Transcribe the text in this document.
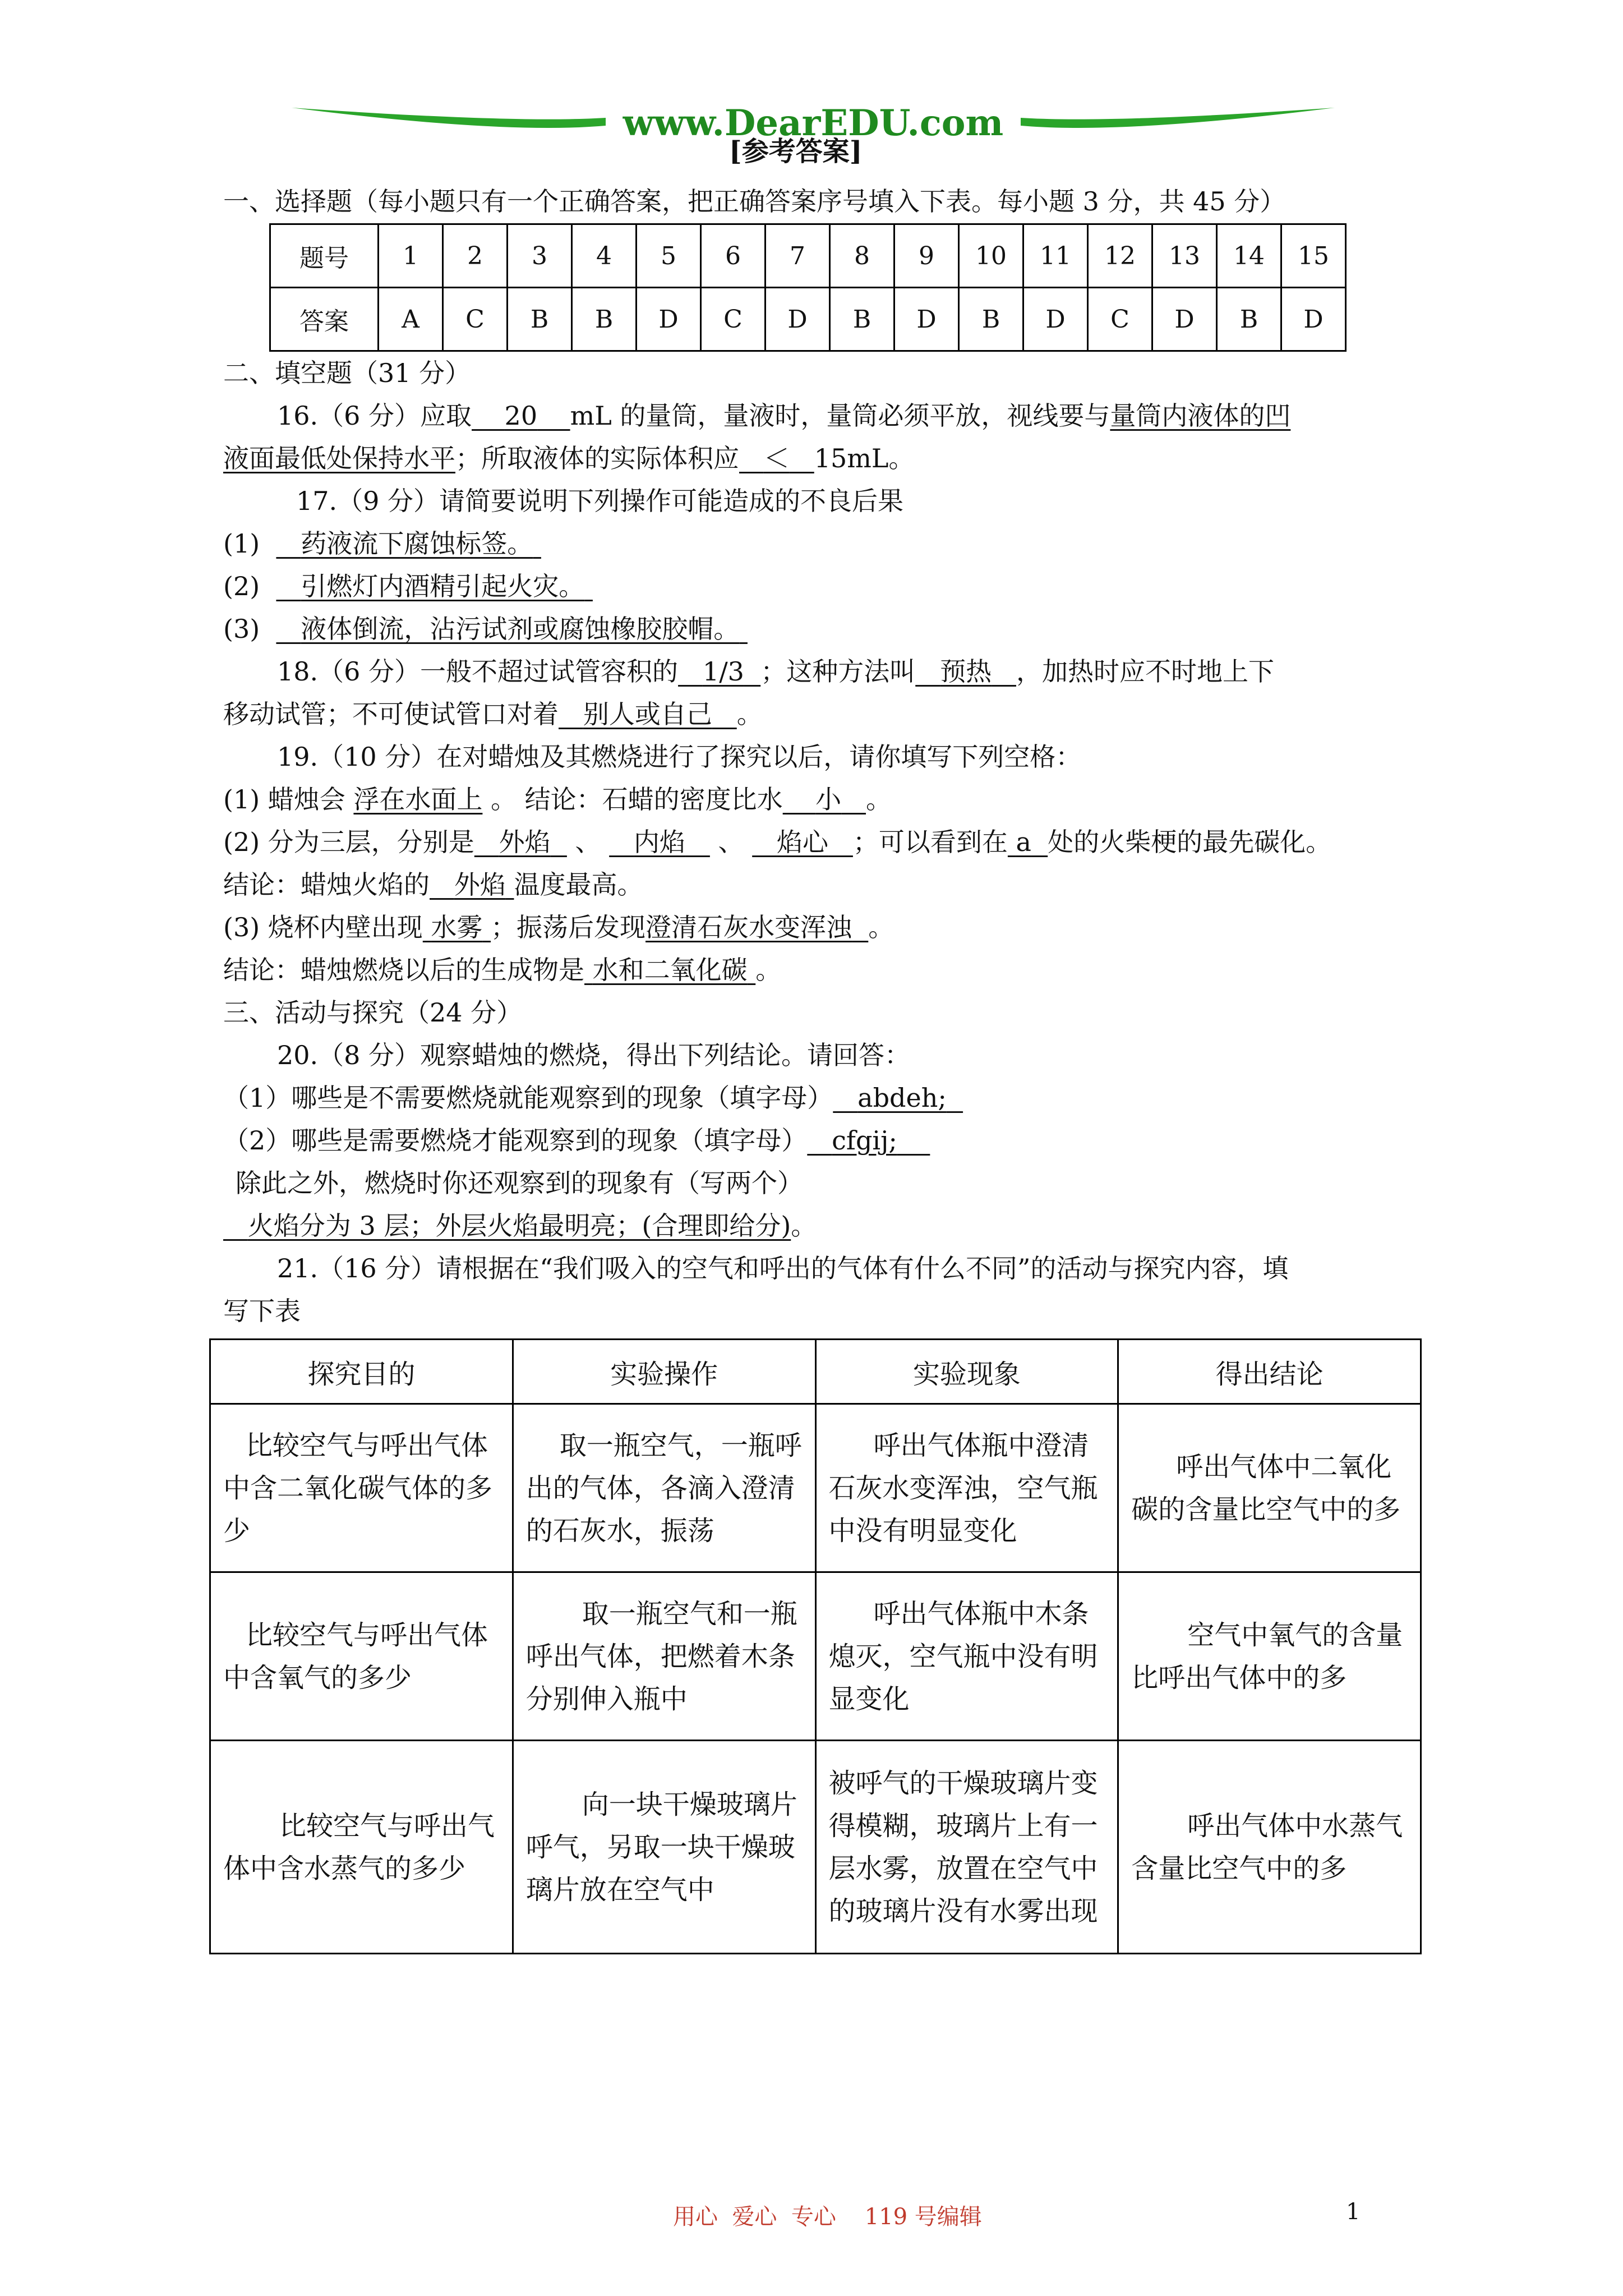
www.DearEDU.com
[参考答案]
一、选择题（每小题只有一个正确答案，把正确答案序号填入下表。每小题 3 分，共 45 分）
题号	1	2	3	4	5	6	7	8	9	10	11	12	13	14	15
答案	A	C	B	B	D	C	D	B	D	B	D	C	D	B	D
二、填空题（31 分）
16.（6 分）应取 20 mL 的量筒，量液时，量筒必须平放，视线要与量筒内液体的凹
液面最低处保持水平；所取液体的实际体积应 ＜ 15mL。
17.（9 分）请简要说明下列操作可能造成的不良后果
(1) 药液流下腐蚀标签。
(2) 引燃灯内酒精引起火灾。
(3) 液体倒流，沾污试剂或腐蚀橡胶胶帽。
18.（6 分）一般不超过试管容积的 1/3 ；这种方法叫 预热 ，加热时应不时地上下
移动试管；不可使试管口对着 别人或自己 。
19.（10 分）在对蜡烛及其燃烧进行了探究以后，请你填写下列空格：
(1) 蜡烛会 浮在水面上 。 结论：石蜡的密度比水 小 。
(2) 分为三层，分别是 外焰 、 内焰 、 焰心 ；可以看到在 a 处的火柴梗的最先碳化。
结论：蜡烛火焰的 外焰 温度最高。
(3) 烧杯内壁出现 水雾 ；振荡后发现澄清石灰水变浑浊 。
结论：蜡烛燃烧以后的生成物是 水和二氧化碳 。
三、活动与探究（24 分）
20.（8 分）观察蜡烛的燃烧，得出下列结论。请回答：
（1）哪些是不需要燃烧就能观察到的现象（填字母） abdeh;
（2）哪些是需要燃烧才能观察到的现象（填字母） cfgij;
除此之外，燃烧时你还观察到的现象有（写两个）
火焰分为 3 层；外层火焰最明亮；(合理即给分)。
21.（16 分）请根据在“我们吸入的空气和呼出的气体有什么不同”的活动与探究内容，填
写下表
探究目的	实验操作	实验现象	得出结论
比较空气与呼出气体中含二氧化碳气体的多少	取一瓶空气，一瓶呼出的气体，各滴入澄清的石灰水，振荡	呼出气体瓶中澄清石灰水变浑浊，空气瓶中没有明显变化	呼出气体中二氧化碳的含量比空气中的多
比较空气与呼出气体中含氧气的多少	取一瓶空气和一瓶呼出气体，把燃着木条分别伸入瓶中	呼出气体瓶中木条熄灭，空气瓶中没有明显变化	空气中氧气的含量比呼出气体中的多
比较空气与呼出气体中含水蒸气的多少	向一块干燥玻璃片呼气，另取一块干燥玻璃片放在空气中	被呼气的干燥玻璃片变得模糊，玻璃片上有一层水雾，放置在空气中的玻璃片没有水雾出现	呼出气体中水蒸气含量比空气中的多
用心  爱心  专心    119 号编辑	1
